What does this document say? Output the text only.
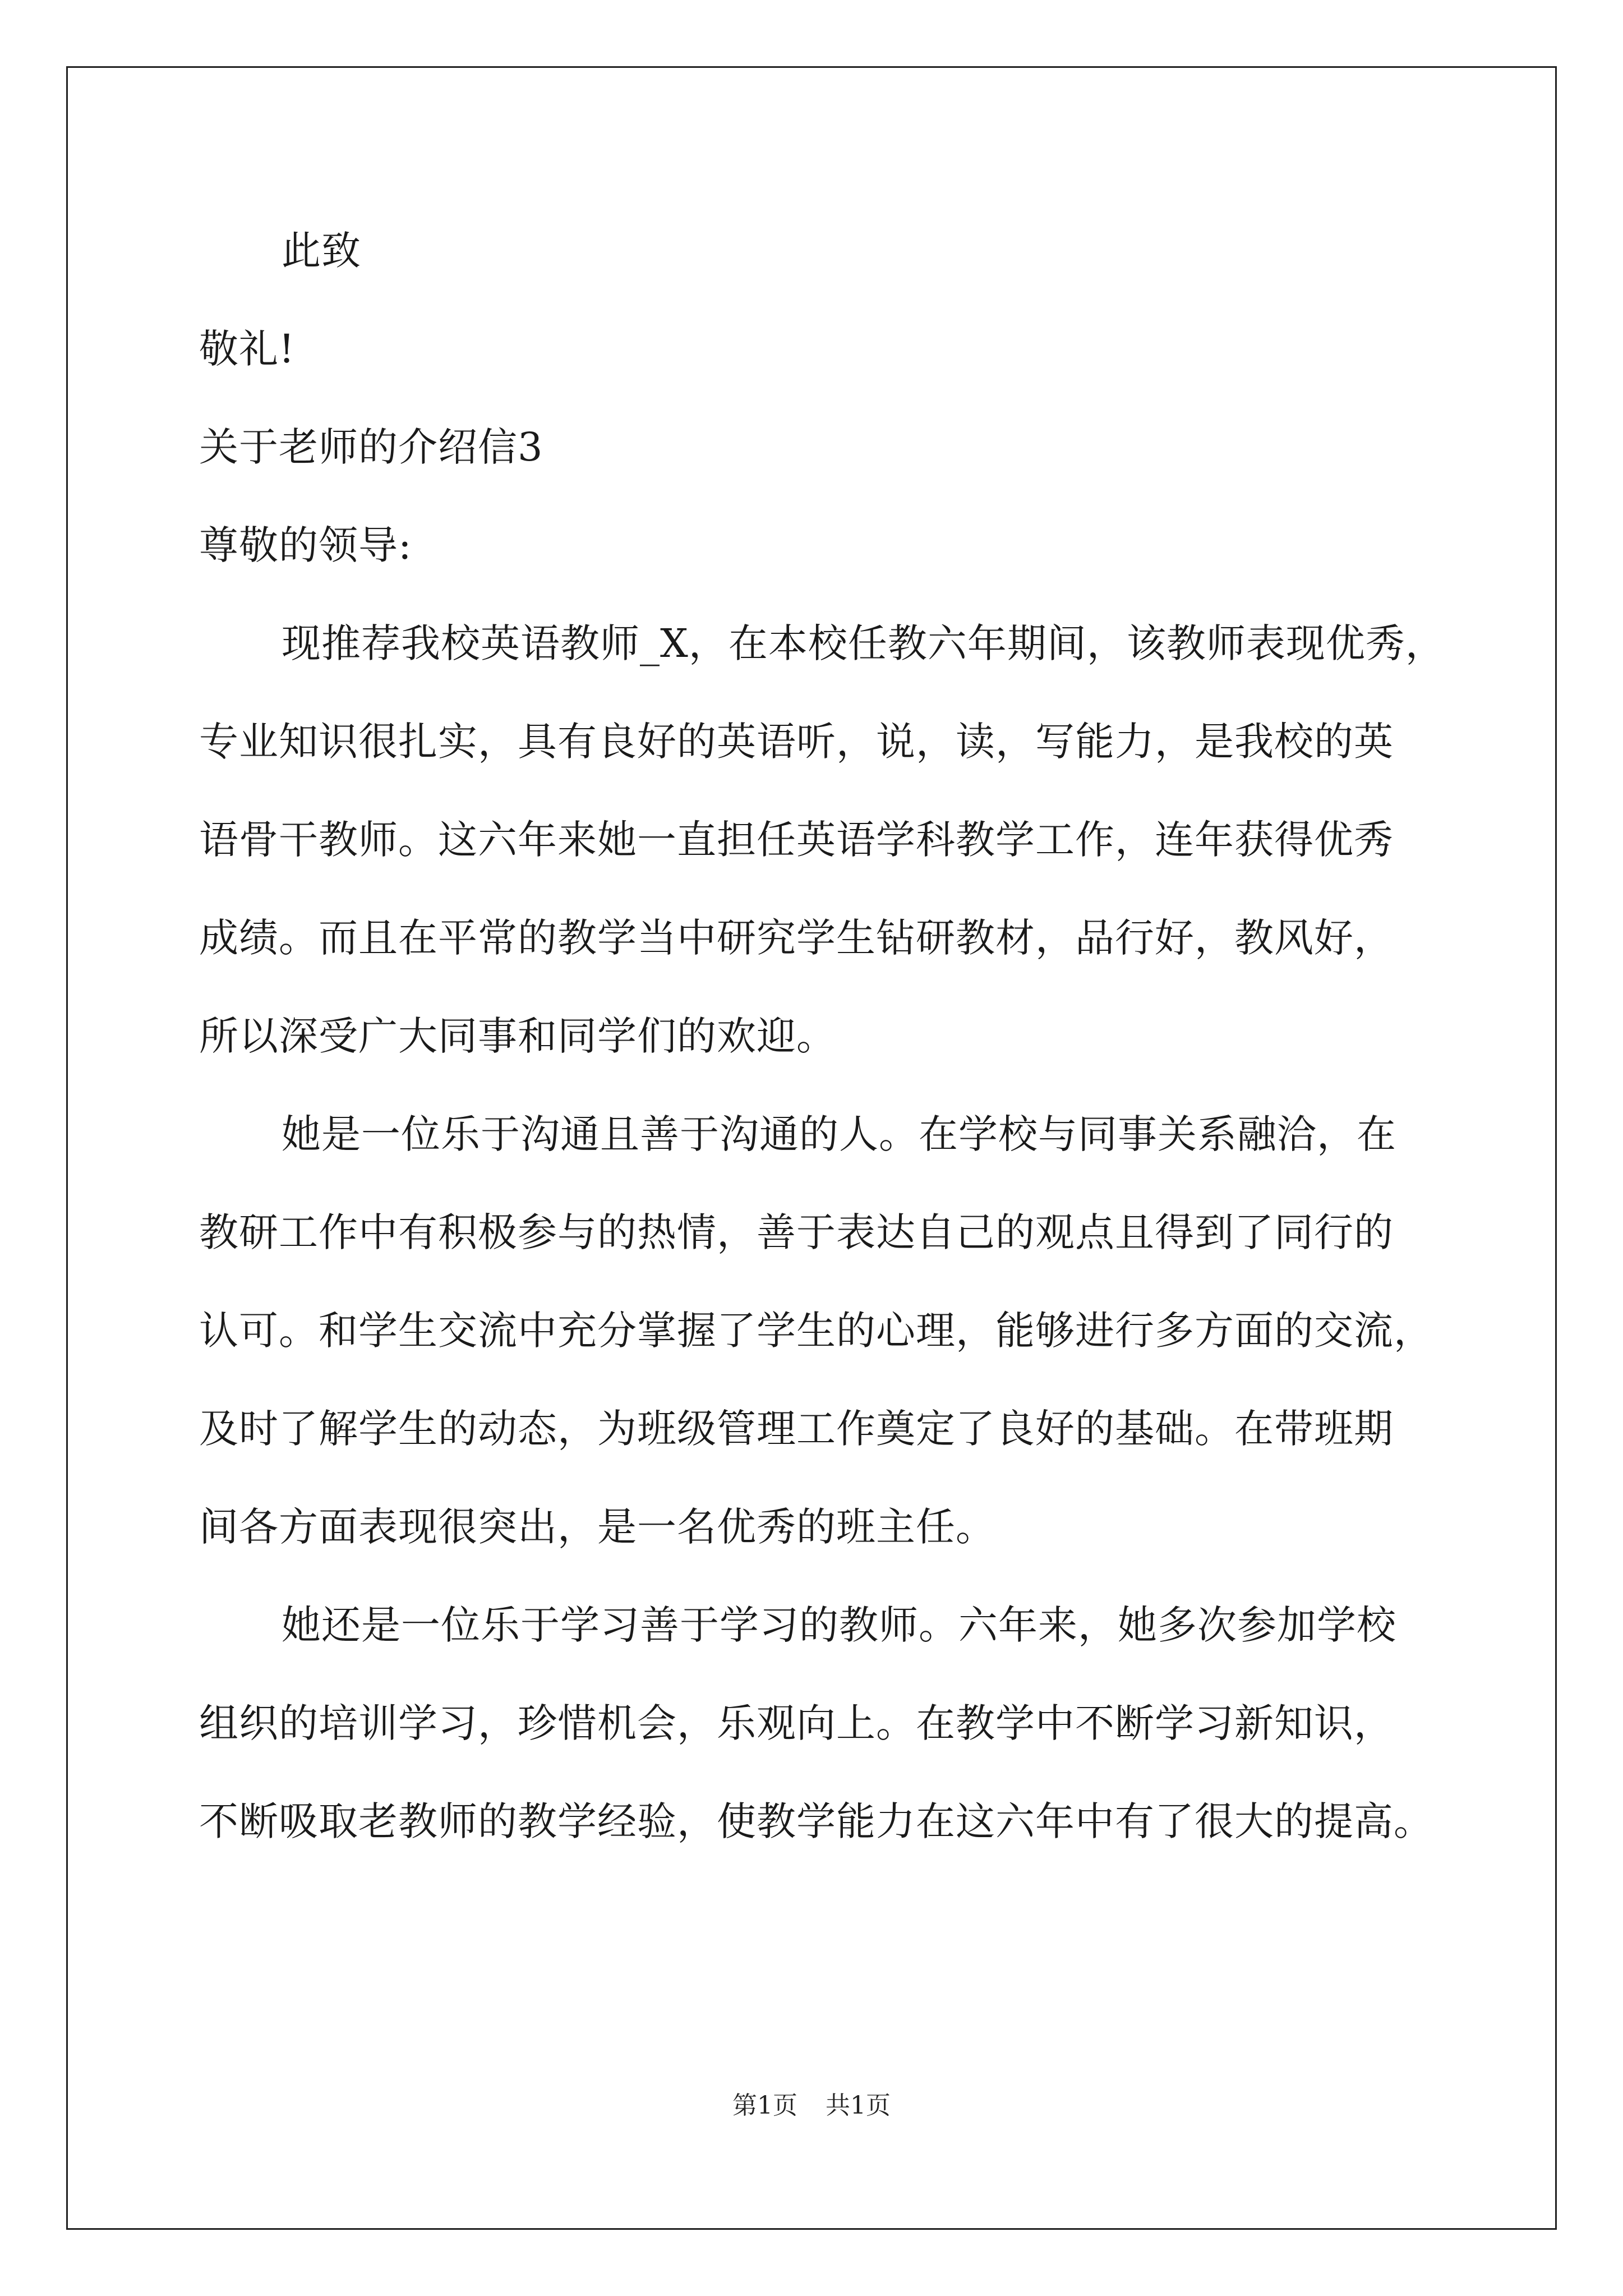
此致
敬礼!
关于老师的介绍信3
尊敬的领导:
现推荐我校英语教师_X，在本校任教六年期间，该教师表现优秀，
专业知识很扎实，具有良好的英语听，说，读，写能力，是我校的英
语骨干教师。这六年来她一直担任英语学科教学工作，连年获得优秀
成绩。而且在平常的教学当中研究学生钻研教材，品行好，教风好，
所以深受广大同事和同学们的欢迎。
她是一位乐于沟通且善于沟通的人。在学校与同事关系融洽，在
教研工作中有积极参与的热情，善于表达自己的观点且得到了同行的
认可。和学生交流中充分掌握了学生的心理，能够进行多方面的交流，
及时了解学生的动态，为班级管理工作奠定了良好的基础。在带班期
间各方面表现很突出，是一名优秀的班主任。
她还是一位乐于学习善于学习的教师。六年来，她多次参加学校
组织的培训学习，珍惜机会，乐观向上。在教学中不断学习新知识，
不断吸取老教师的教学经验，使教学能力在这六年中有了很大的提高。
第1页 共1页
